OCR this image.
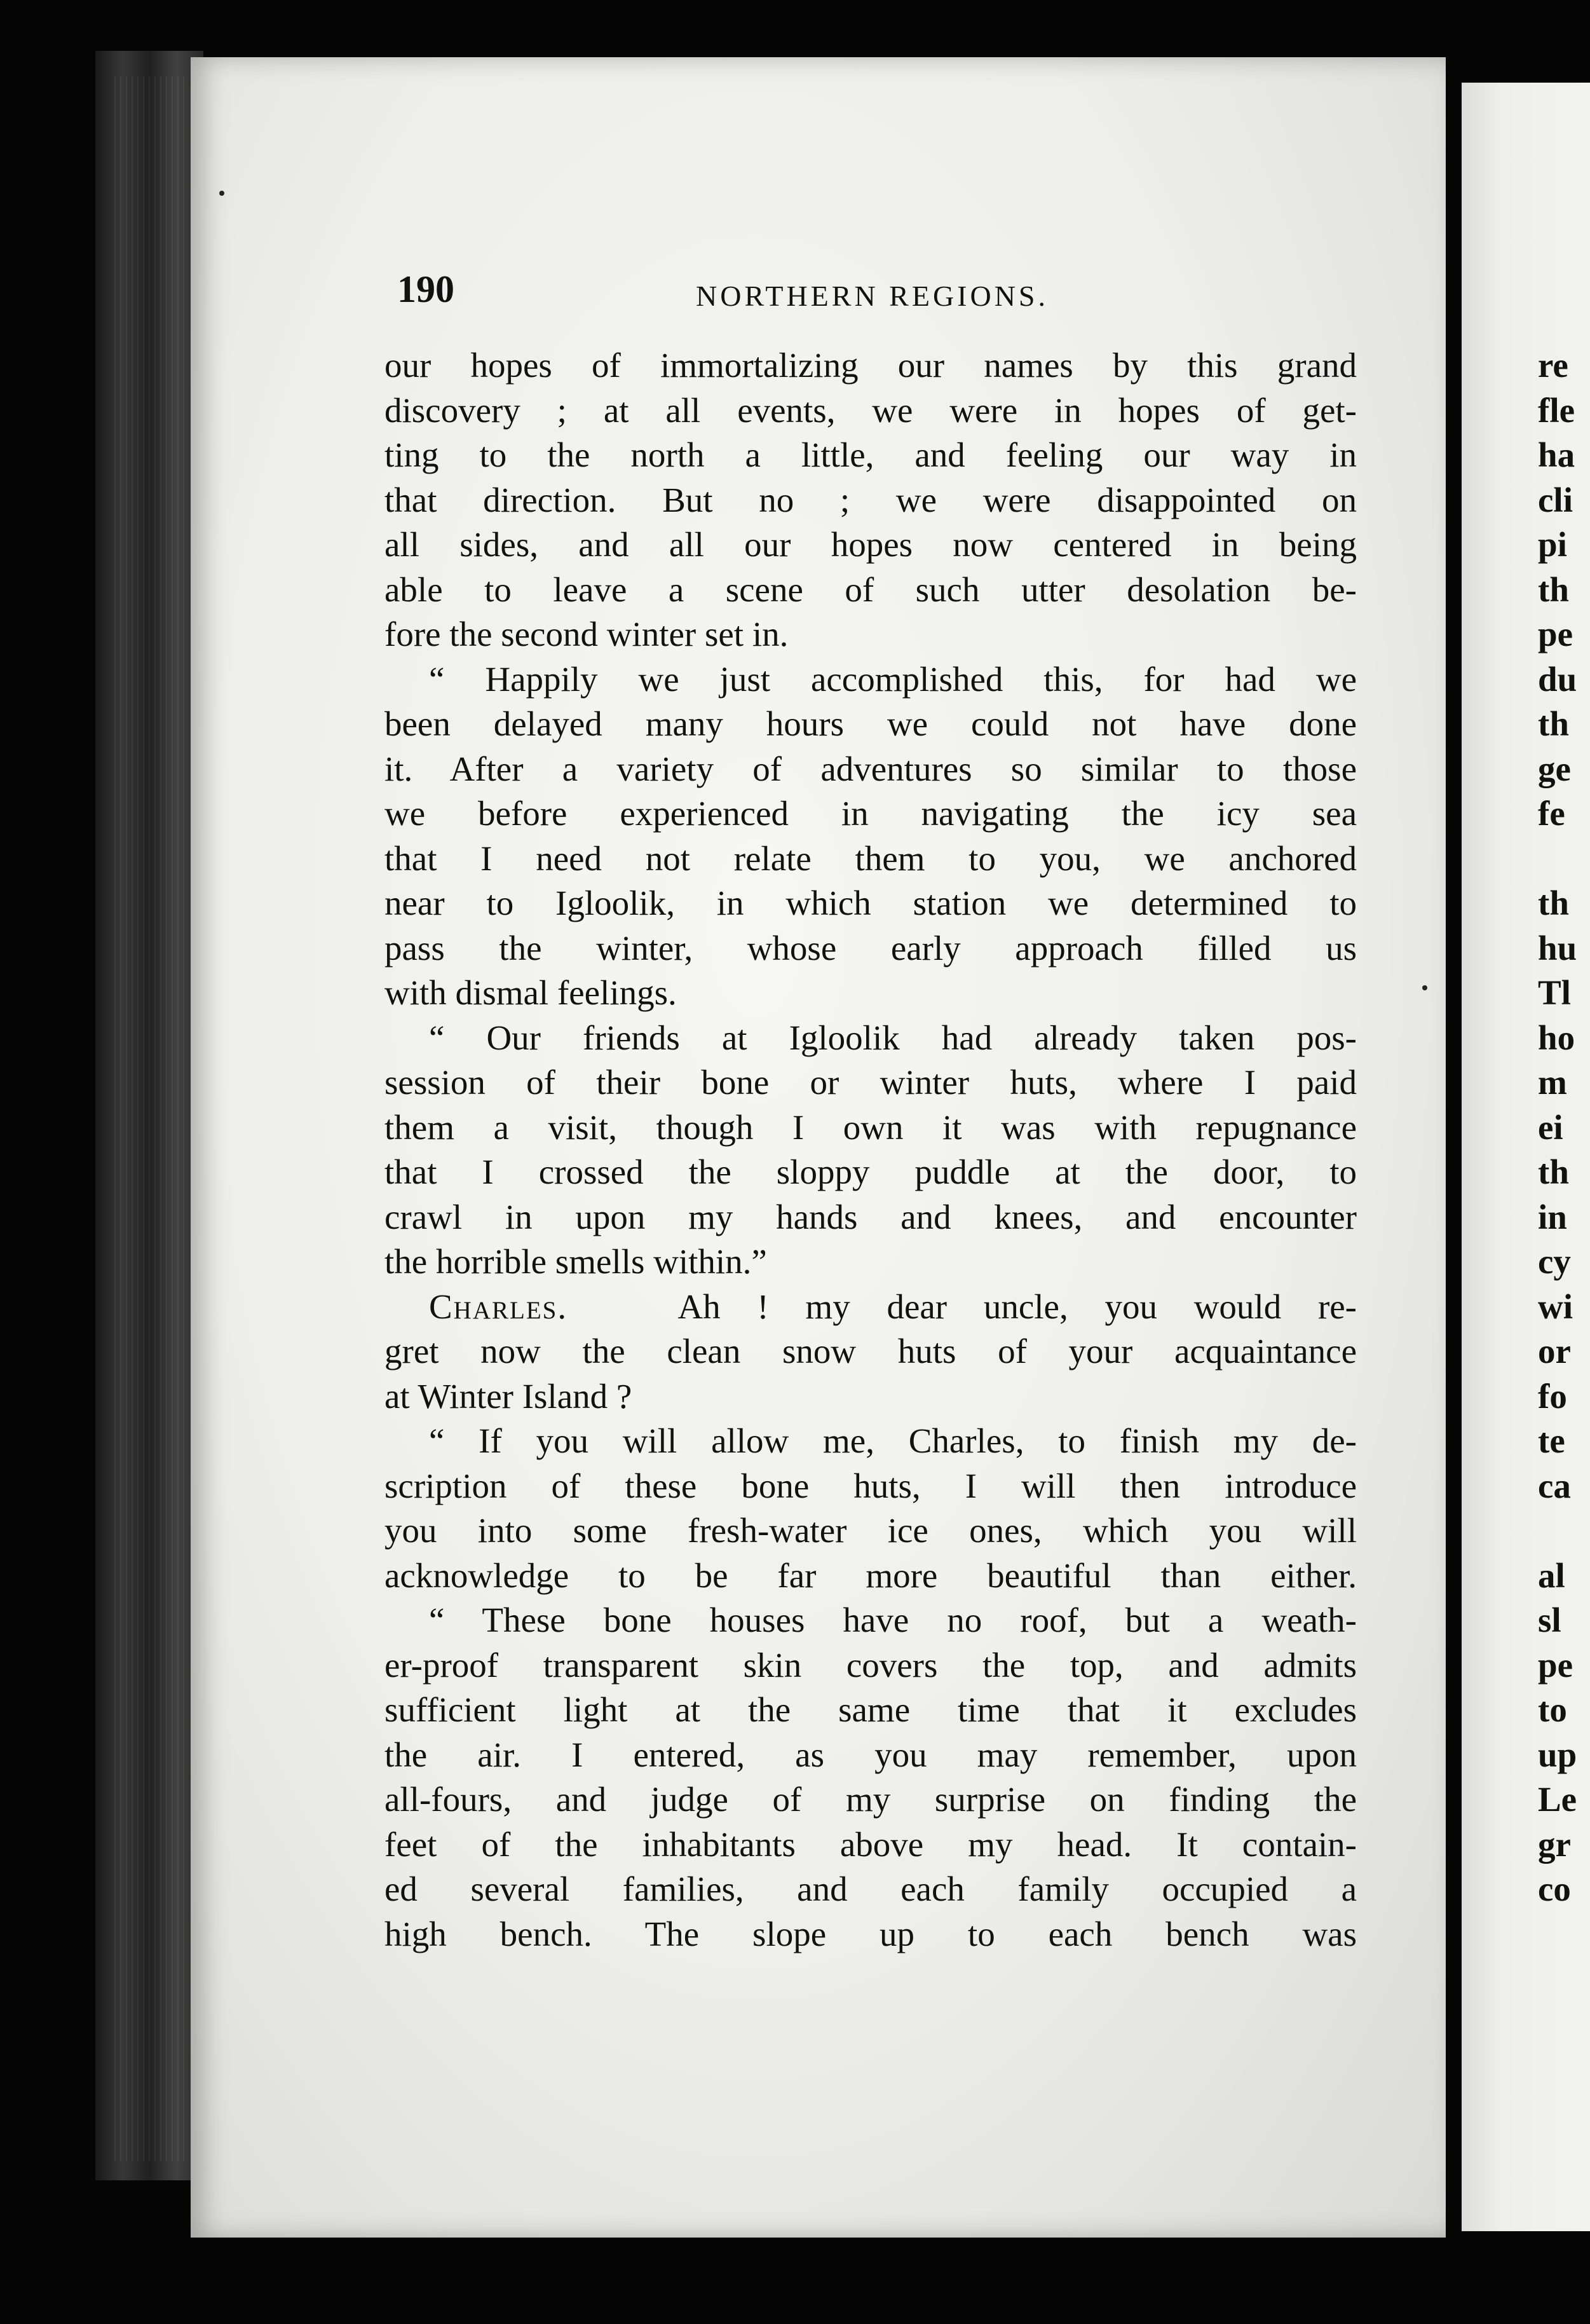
190	NORTHERN REGIONS.
our hopes of immortalizing our names by this grand
discovery ; at all events, we were in hopes of get-
ting to the north a little, and feeling our way in
that direction. But no ; we were disappointed on
all sides, and all our hopes now centered in being
able to leave a scene of such utter desolation be-
fore the second winter set in.
“ Happily we just accomplished this, for had we
been delayed many hours we could not have done
it. After a variety of adventures so similar to those
we before experienced in navigating the icy sea
that I need not relate them to you, we anchored
near to Igloolik, in which station we determined to
pass the winter, whose early approach filled us
with dismal feelings.
“ Our friends at Igloolik had already taken pos-
session of their bone or winter huts, where I paid
them a visit, though I own it was with repugnance
that I crossed the sloppy puddle at the door, to
crawl in upon my hands and knees, and encounter
the horrible smells within.”
Charles.	Ah ! my dear uncle, you would re-
gret now the clean snow huts of your acquaintance
at Winter Island ?
“ If you will allow me, Charles, to finish my de-
scription of these bone huts, I will then introduce
you into some fresh-water ice ones, which you will
acknowledge to be far more beautiful than either.
“ These bone houses have no roof, but a weath-
er-proof transparent skin covers the top, and admits
sufficient light at the same time that it excludes
the air. I entered, as you may remember, upon
all-fours, and judge of my surprise on finding the
feet of the inhabitants above my head. It contain-
ed several families, and each family occupied a
high bench. The slope up to each bench was
re
fle
ha
cli
pi
th
pe
du
th
ge
fe
th
hu
Tl
ho
m
ei
th
in
cy
wi
or
fo
te
ca
al
sl
pe
to
up
Le
gr
co
